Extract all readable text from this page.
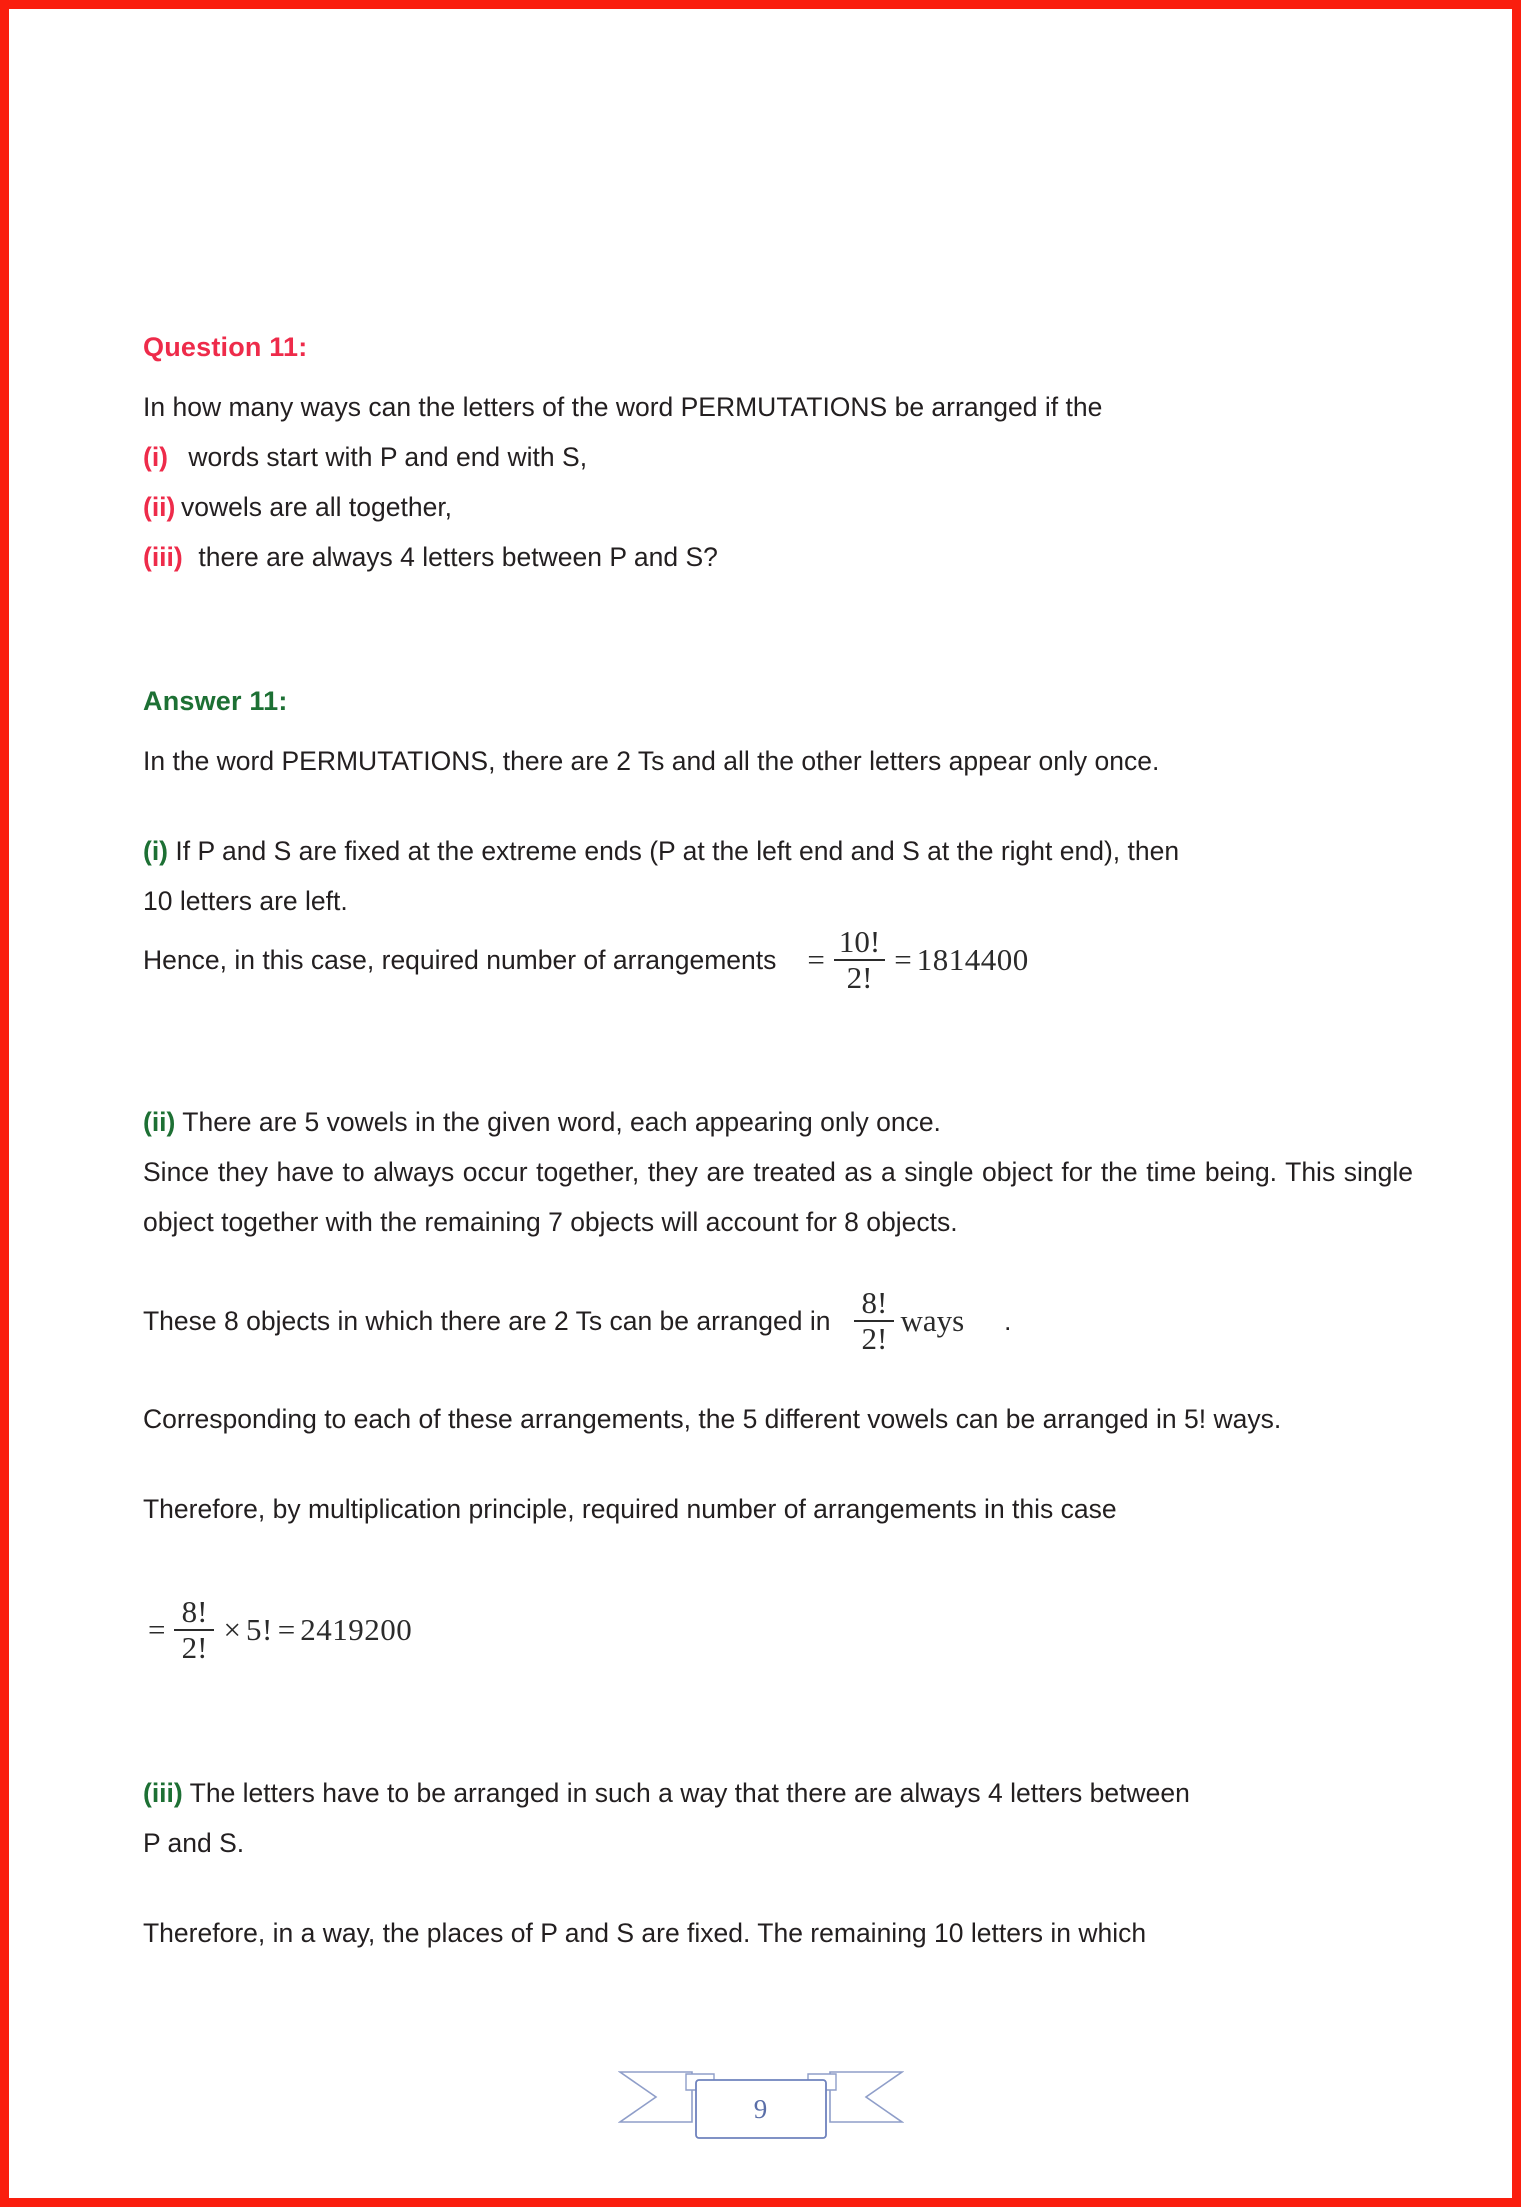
Question 11:
In how many ways can the letters of the word PERMUTATIONS be arranged if the
(i) words start with P and end with S,
(ii) vowels are all together,
(iii) there are always 4 letters between P and S?
Answer 11:
In the word PERMUTATIONS, there are 2 Ts and all the other letters appear only once.
(i) If P and S are fixed at the extreme ends (P at the left end and S at the right end), then
10 letters are left.
Hence, in this case, required number of arrangements = $\frac{10!}{2!} = 1814400$
(ii) There are 5 vowels in the given word, each appearing only once.
Since they have to always occur together, they are treated as a single object for the time being. This single object together with the remaining 7 objects will account for 8 objects.
These 8 objects in which there are 2 Ts can be arranged in $\frac{8!}{2!}$ ways .
Corresponding to each of these arrangements, the 5 different vowels can be arranged in 5! ways.
Therefore, by multiplication principle, required number of arrangements in this case
= $\frac{8!}{2!} \times 5$! = 2419200
(iii) The letters have to be arranged in such a way that there are always 4 letters between
P and S.
Therefore, in a way, the places of P and S are fixed. The remaining 10 letters in which
9
